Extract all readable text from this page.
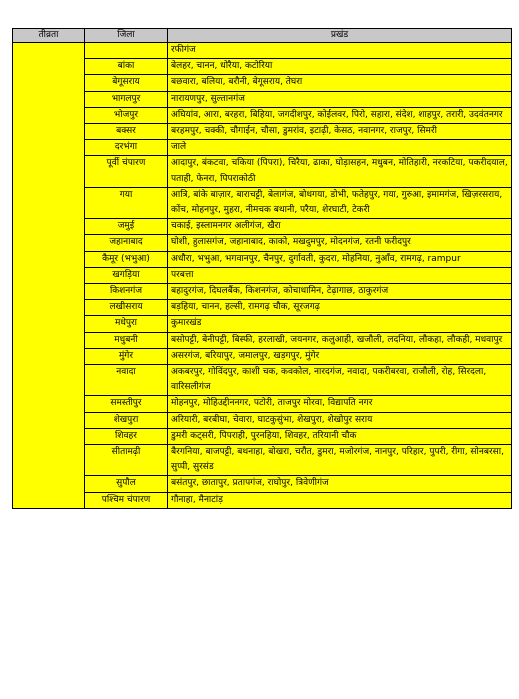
तीव्रता	जिला	प्रखंड
		रफीगंज
	बांका	बेलहर, चानन, धोरैया, कटोरिया
	बेगूसराय	बछवारा, बलिया, बरौनी, बेगूसराय, तेघरा
	भागलपुर	नारायणपुर, सुल्तानगंज
	भोजपुर	अघियांव, आरा, बरहरा, बिहिया, जगदीशपुर, कोईलवर, पिरो, सहारा, संदेश, शाहपुर, तरारी, उदवंतनगर
	बक्सर	बरहमपुर, चक्की, चौगाईन, चौसा, डुमरांव, इटाढ़ी, केसठ, नवानगर, राजपुर, सिमरी
	दरभंगा	जाले
	पूर्वी चंपारण	आदापुर, बंकटवा, चकिया (पिपरा), चिरैया, ढाका, घोड़ासहन, मधुबन, मोतिहारी, नरकटिया, पकरीदयाल, पताही, फेनरा, पिपराकोठी
	गया	आत्रि, बांके बाज़ार, बाराचट्टी, बेलागंज, बोधगया, डोभी, फतेहपुर, गया, गुरुआ, इमामगंज, खिज़रसराय, कोंच, मोहनपुर, मुहरा, नीमचक बथानी, परैया, शेरघाटी, टेकरी
	जमुई	चकाई, इस्लामनगर अलीगंज, खैरा
	जहानाबाद	घोशी, हुलासगंज, जहानाबाद, काको, मखदुमपुर, मोदनगंज, रतनी फरीदपुर
	कैमूर (भभुआ)	अधौरा, भभुआ, भगवानपुर, चैनपुर, दुर्गावती, कुदरा, मोहनिया, नुआँव, रामगढ़, rampur
	खगड़िया	परबत्ता
	किशनगंज	बहादुरगंज, दिघलबैंक, किशनगंज, कोचाधामिन, टेढ़ागाछ, ठाकुरगंज
	लखीसराय	बड़हिया, चानन, हल्सी, रामगढ़ चौक, सूरजगढ़
	मधेपुरा	कुमारखंड
	मधुबनी	बसोपट्टी, बेनीपट्टी, बिस्फी, हरलाखी, जयनगर, कलुआही, खजौली, लदनिया, लौकहा, लौकही, मधवापुर
	मुंगेर	असरगंज, बरियापुर, जमालपुर, खड़गपुर, मुंगेर
	नवादा	अकबरपुर, गोविंदपुर, काशी चक, कवकोल, नारदगंज, नवादा, पकरीबरवा, राजौली, रोह, सिरदला, वारिसलीगंज
	समस्तीपुर	मोहनपुर, मोहिउद्दीननगर, पटोरी, ताजपुर मोरवा, विद्यापति नगर
	शेखपुरा	अरियारी, बरबीघा, चेवारा, घाटकुसुंभा, शेखपुरा, शेखोपुर सराय
	शिवहर	डुमरी कट्सरी, पिपराही, पुरनहिया, शिवहर, तरियानी चौक
	सीतामढ़ी	बैरगनिया, बाजपट्टी, बथनाहा, बोखरा, चरौत, डुमरा, मजोरगंज, नानपुर, परिहार, पुपरी, रीगा, सोनबरसा, सुप्पी, सुरसंड
	सुपौल	बसंतपुर, छातापुर, प्रतापगंज, राघोपुर, त्रिवेणीगंज
	पश्चिम चंपारण	गौनाहा, मैनाटांड़
